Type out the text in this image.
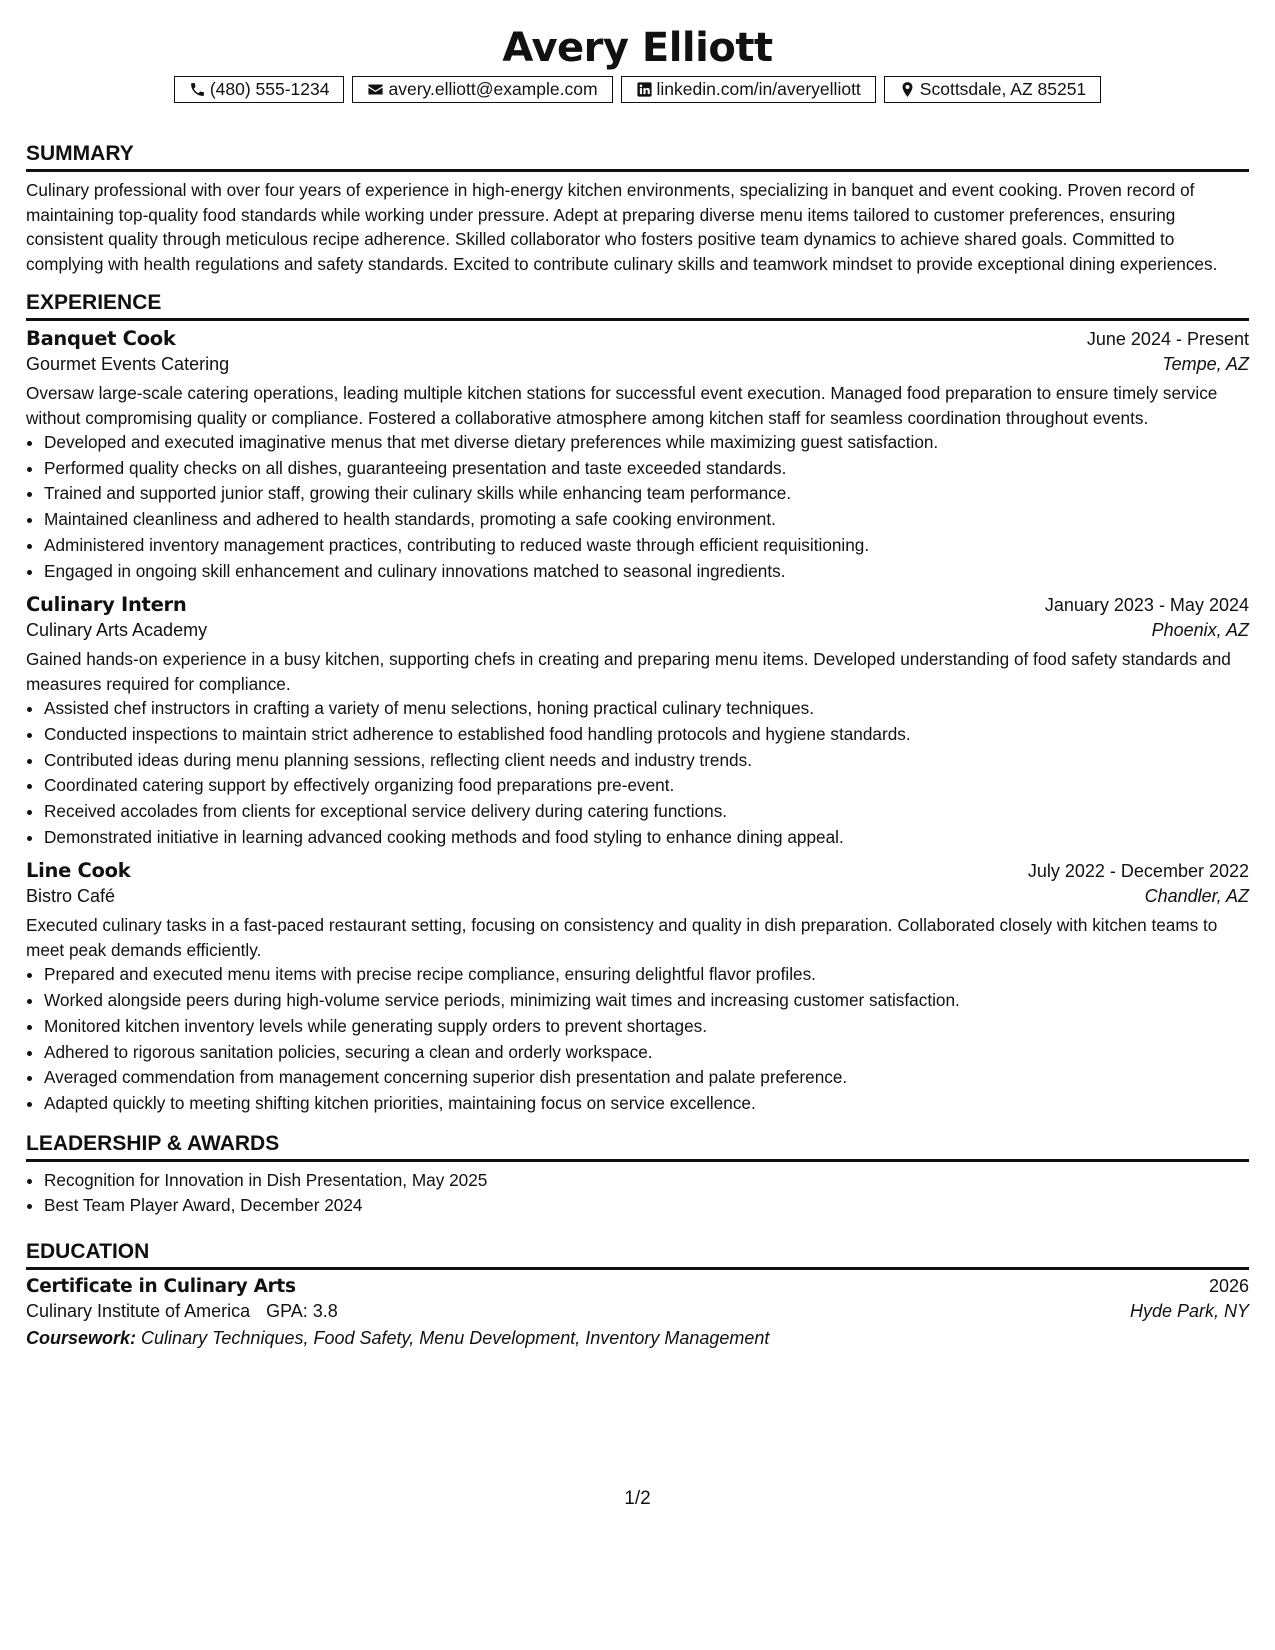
Avery Elliott
(480) 555-1234	avery.elliott@example.com	linkedin.com/in/averyelliott	Scottsdale, AZ 85251
SUMMARY

Culinary professional with over four years of experience in high-energy kitchen environments, specializing in banquet and event cooking. Proven record of maintaining top-quality food standards while working under pressure. Adept at preparing diverse menu items tailored to customer preferences, ensuring consistent quality through meticulous recipe adherence. Skilled collaborator who fosters positive team dynamics to achieve shared goals. Committed to complying with health regulations and safety standards. Excited to contribute culinary skills and teamwork mindset to provide exceptional dining experiences.

EXPERIENCE
Banquet Cook	June 2024 - Present
Gourmet Events Catering	Tempe, AZ

Oversaw large-scale catering operations, leading multiple kitchen stations for successful event execution. Managed food preparation to ensure timely service without compromising quality or compliance. Fostered a collaborative atmosphere among kitchen staff for seamless coordination throughout events.

• Developed and executed imaginative menus that met diverse dietary preferences while maximizing guest satisfaction.
• Performed quality checks on all dishes, guaranteeing presentation and taste exceeded standards.
• Trained and supported junior staff, growing their culinary skills while enhancing team performance.
• Maintained cleanliness and adhered to health standards, promoting a safe cooking environment.
• Administered inventory management practices, contributing to reduced waste through efficient requisitioning.
• Engaged in ongoing skill enhancement and culinary innovations matched to seasonal ingredients.
Culinary Intern	January 2023 - May 2024
Culinary Arts Academy	Phoenix, AZ

Gained hands-on experience in a busy kitchen, supporting chefs in creating and preparing menu items. Developed understanding of food safety standards and measures required for compliance.

• Assisted chef instructors in crafting a variety of menu selections, honing practical culinary techniques.
• Conducted inspections to maintain strict adherence to established food handling protocols and hygiene standards.
• Contributed ideas during menu planning sessions, reflecting client needs and industry trends.
• Coordinated catering support by effectively organizing food preparations pre-event.
• Received accolades from clients for exceptional service delivery during catering functions.
• Demonstrated initiative in learning advanced cooking methods and food styling to enhance dining appeal.
Line Cook	July 2022 - December 2022
Bistro Café	Chandler, AZ

Executed culinary tasks in a fast-paced restaurant setting, focusing on consistency and quality in dish preparation. Collaborated closely with kitchen teams to meet peak demands efficiently.

• Prepared and executed menu items with precise recipe compliance, ensuring delightful flavor profiles.
• Worked alongside peers during high-volume service periods, minimizing wait times and increasing customer satisfaction.
• Monitored kitchen inventory levels while generating supply orders to prevent shortages.
• Adhered to rigorous sanitation policies, securing a clean and orderly workspace.
• Averaged commendation from management concerning superior dish presentation and palate preference.
• Adapted quickly to meeting shifting kitchen priorities, maintaining focus on service excellence.
LEADERSHIP & AWARDS
• Recognition for Innovation in Dish Presentation, May 2025
• Best Team Player Award, December 2024
EDUCATION
Certificate in Culinary Arts	2026
Culinary Institute of America GPA: 3.8	Hyde Park, NY
Coursework: Culinary Techniques, Food Safety, Menu Development, Inventory Management
1/2
